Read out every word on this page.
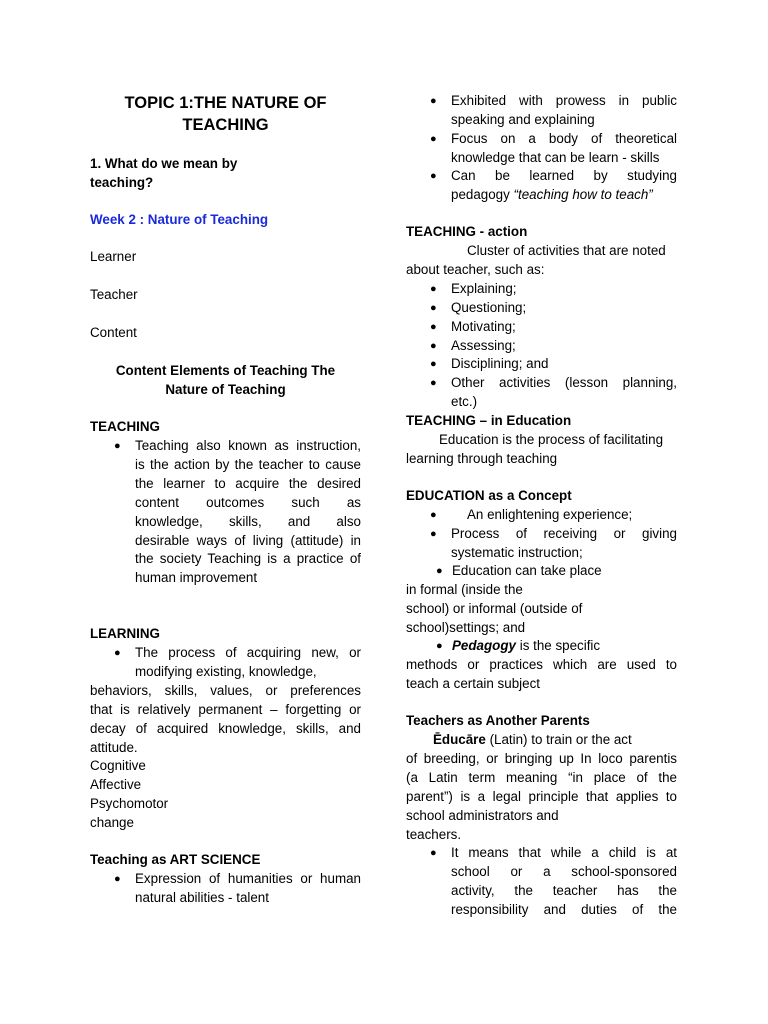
TOPIC 1:THE NATURE OF
TEACHING
1. What do we mean by
teaching?
Week 2 : Nature of Teaching
Learner
Teacher
Content
Content Elements of Teaching The
Nature of Teaching
TEACHING
● Teaching also known as instruction,
is the action by the teacher to cause
the learner to acquire the desired
content outcomes such as
knowledge, skills, and also
desirable ways of living (attitude) in
the society Teaching is a practice of
human improvement
LEARNING
● The process of acquiring new, or
modifying existing, knowledge,
behaviors, skills, values, or preferences
that is relatively permanent – forgetting or
decay of acquired knowledge, skills, and
attitude.
Cognitive
Affective
Psychomotor
change
Teaching as ART SCIENCE
● Expression of humanities or human
natural abilities - talent
● Exhibited with prowess in public
speaking and explaining
● Focus on a body of theoretical
knowledge that can be learn - skills
● Can be learned by studying
pedagogy “teaching how to teach”
TEACHING - action
Cluster of activities that are noted
about teacher, such as:
● Explaining;
● Questioning;
● Motivating;
● Assessing;
● Disciplining; and
● Other activities (lesson planning,
etc.)
TEACHING – in Education
Education is the process of facilitating
learning through teaching
EDUCATION as a Concept
● An enlightening experience;
● Process of receiving or giving
systematic instruction;
● Education can take place
in formal (inside the
school) or informal (outside of
school)settings; and
● Pedagogy is the specific
methods or practices which are used to
teach a certain subject
Teachers as Another Parents
Ēducāre (Latin) to train or the act
of breeding, or bringing up In loco parentis
(a Latin term meaning “in place of the
parent”) is a legal principle that applies to
school administrators and
teachers.
● It means that while a child is at
school or a school-sponsored
activity, the teacher has the
responsibility and duties of the
